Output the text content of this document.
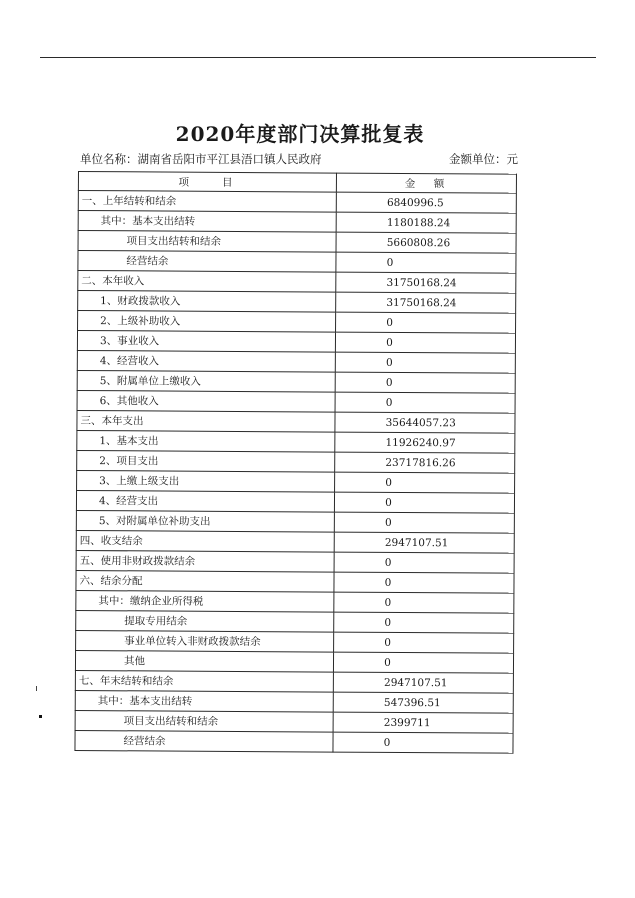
2020年度部门决算批复表
单位名称：湖南省岳阳市平江县浯口镇人民政府	金额单位：元
项　　目	金　额
一、上年结转和结余	6840996.5
其中：基本支出结转	1180188.24
项目支出结转和结余	5660808.26
经营结余	0
二、本年收入	31750168.24
1、财政拨款收入	31750168.24
2、上级补助收入	0
3、事业收入	0
4、经营收入	0
5、附属单位上缴收入	0
6、其他收入	0
三、本年支出	35644057.23
1、基本支出	11926240.97
2、项目支出	23717816.26
3、上缴上级支出	0
4、经营支出	0
5、对附属单位补助支出	0
四、收支结余	2947107.51
五、使用非财政拨款结余	0
六、结余分配	0
其中：缴纳企业所得税	0
提取专用结余	0
事业单位转入非财政拨款结余	0
其他	0
七、年末结转和结余	2947107.51
其中：基本支出结转	547396.51
项目支出结转和结余	2399711
经营结余	0
